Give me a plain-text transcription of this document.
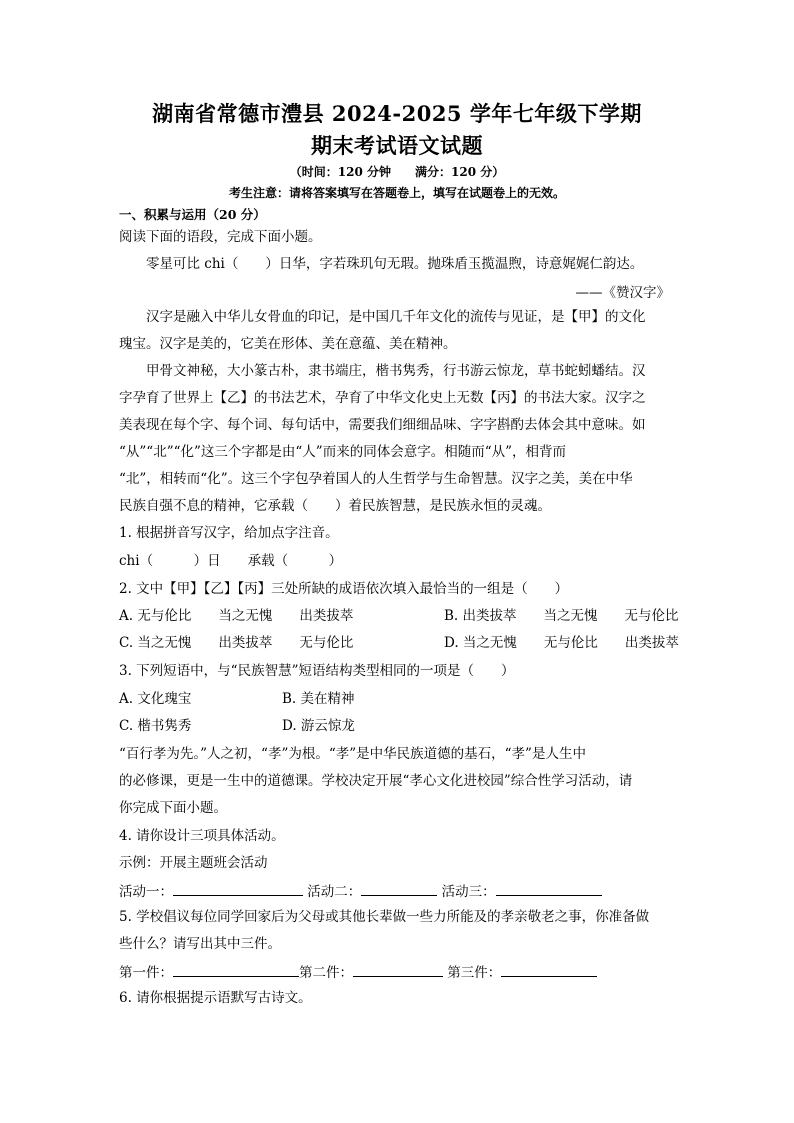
湖南省常德市澧县 2024-2025 学年七年级下学期
期末考试语文试题
（时间：120 分钟　　满分：120 分）
考生注意：请将答案填写在答题卷上，填写在试题卷上的无效。
一、积累与运用（20 分）
阅读下面的语段，完成下面小题。
零星可比 chi（　　）日华，字若珠玑句无瑕。抛珠盾玉揽温煦，诗意娓娓仁韵达。
——《赞汉字》
汉字是融入中华儿女骨血的印记，是中国几千年文化的流传与见证，是【甲】的文化
瑰宝。汉字是美的，它美在形体、美在意蕴、美在精神。
甲骨文神秘，大小篆古朴，隶书端庄，楷书隽秀，行书游云惊龙，草书蛇蚓蟠结。汉
字孕育了世界上【乙】的书法艺术，孕育了中华文化史上无数【丙】的书法大家。汉字之
美表现在每个字、每个词、每句话中，需要我们细细品味、字字斟酌去体会其中意味。如
“从”“北”“化”这三个字都是由“人”而来的同体会意字。相随而“从”，相背而
“北”，相转而“化”。这三个字包孕着国人的人生哲学与生命智慧。汉字之美，美在中华
民族自强不息的精神，它承载（　　）着民族智慧，是民族永恒的灵魂。
1. 根据拼音写汉字，给加点字注音。
chi（　　　）日　　承载（　　　）
2. 文中【甲】【乙】【丙】三处所缺的成语依次填入最恰当的一组是（　　）
A. 无与伦比　　当之无愧　　出类拔萃	B. 出类拔萃　　当之无愧　　无与伦比
C. 当之无愧　　出类拔萃　　无与伦比	D. 当之无愧　　无与伦比　　出类拔萃
3. 下列短语中，与“民族智慧”短语结构类型相同的一项是（　　）
A. 文化瑰宝	B. 美在精神
C. 楷书隽秀	D. 游云惊龙
“百行孝为先。”人之初，“孝”为根。“孝”是中华民族道德的基石，“孝”是人生中
的必修课，更是一生中的道德课。学校决定开展“孝心文化进校园”综合性学习活动，请
你完成下面小题。
4. 请你设计三项具体活动。
示例：开展主题班会活动
活动一：	活动二：	活动三：
5. 学校倡议每位同学回家后为父母或其他长辈做一些力所能及的孝亲敬老之事，你准备做
些什么？请写出其中三件。
第一件：	第二件：	第三件：
6. 请你根据提示语默写古诗文。
